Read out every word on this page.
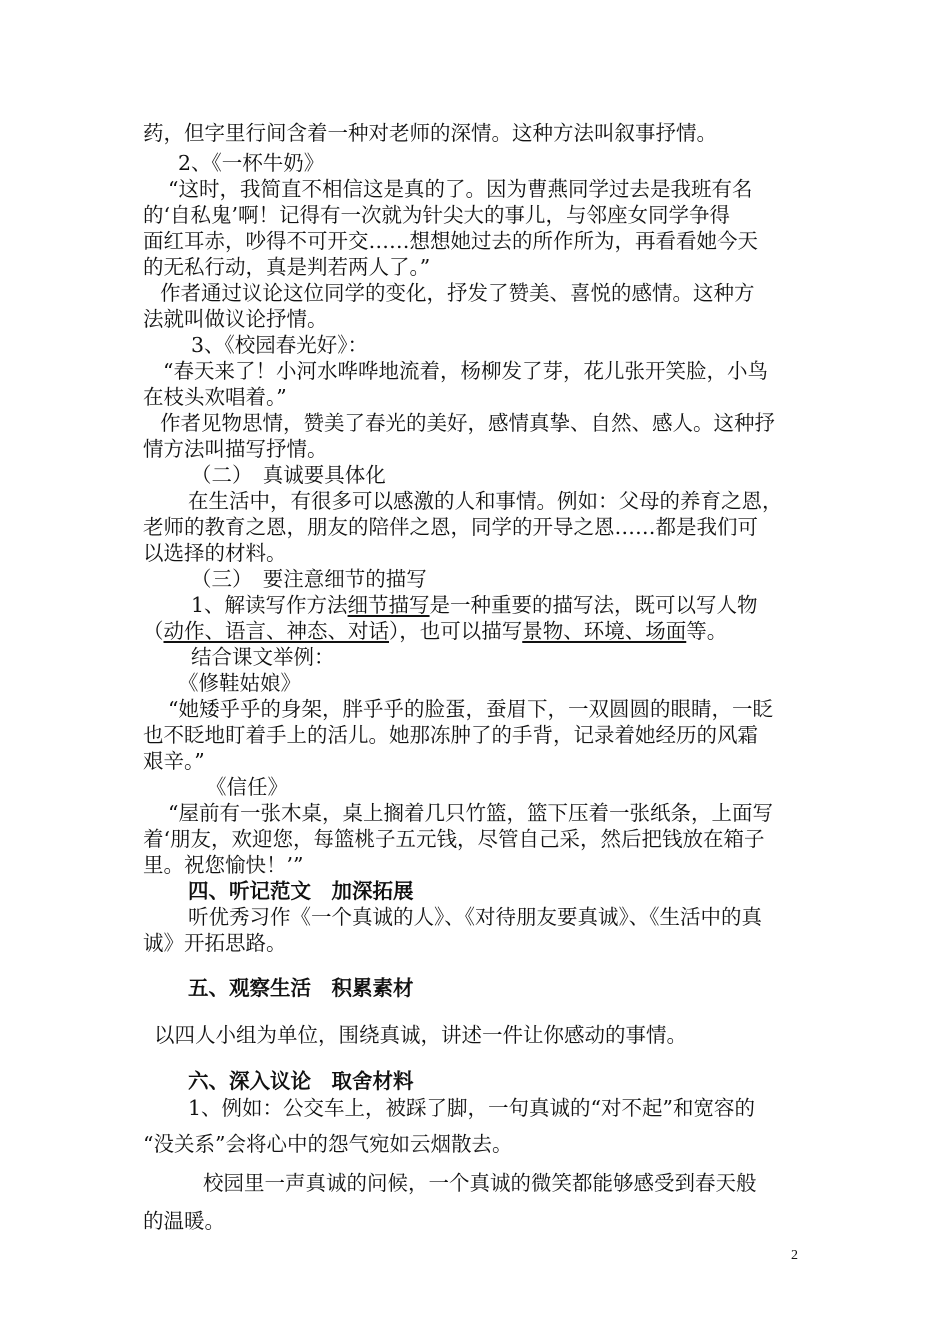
药，但字里行间含着一种对老师的深情。这种方法叫叙事抒情。
2、《一杯牛奶》
“这时，我简直不相信这是真的了。因为曹燕同学过去是我班有名
的‘自私鬼’啊！记得有一次就为针尖大的事儿，与邻座女同学争得
面红耳赤，吵得不可开交……想想她过去的所作所为，再看看她今天
的无私行动，真是判若两人了。”
作者通过议论这位同学的变化，抒发了赞美、喜悦的感情。这种方
法就叫做议论抒情。
3、《校园春光好》：
“春天来了！小河水哗哗地流着，杨柳发了芽，花儿张开笑脸，小鸟
在枝头欢唱着。”
作者见物思情，赞美了春光的美好，感情真挚、自然、感人。这种抒
情方法叫描写抒情。
（二）　真诚要具体化
在生活中，有很多可以感激的人和事情。例如：父母的养育之恩，
老师的教育之恩，朋友的陪伴之恩，同学的开导之恩……都是我们可
以选择的材料。
（三）　要注意细节的描写
1、解读写作方法细节描写是一种重要的描写法，既可以写人物
（动作、语言、神态、对话），也可以描写景物、环境、场面等。
结合课文举例：
《修鞋姑娘》
“她矮乎乎的身架，胖乎乎的脸蛋，蚕眉下，一双圆圆的眼睛，一眨
也不眨地盯着手上的活儿。她那冻肿了的手背，记录着她经历的风霜
艰辛。”
《信任》
“屋前有一张木桌，桌上搁着几只竹篮，篮下压着一张纸条，上面写
着‘朋友，欢迎您，每篮桃子五元钱，尽管自己采，然后把钱放在箱子
里。祝您愉快！’”
四、听记范文　加深拓展
听优秀习作《一个真诚的人》、《对待朋友要真诚》、《生活中的真
诚》开拓思路。
五、观察生活　积累素材
以四人小组为单位，围绕真诚，讲述一件让你感动的事情。
六、深入议论　取舍材料
1、例如：公交车上，被踩了脚，一句真诚的“对不起”和宽容的
“没关系”会将心中的怨气宛如云烟散去。
校园里一声真诚的问候，一个真诚的微笑都能够感受到春天般
的温暖。
2
